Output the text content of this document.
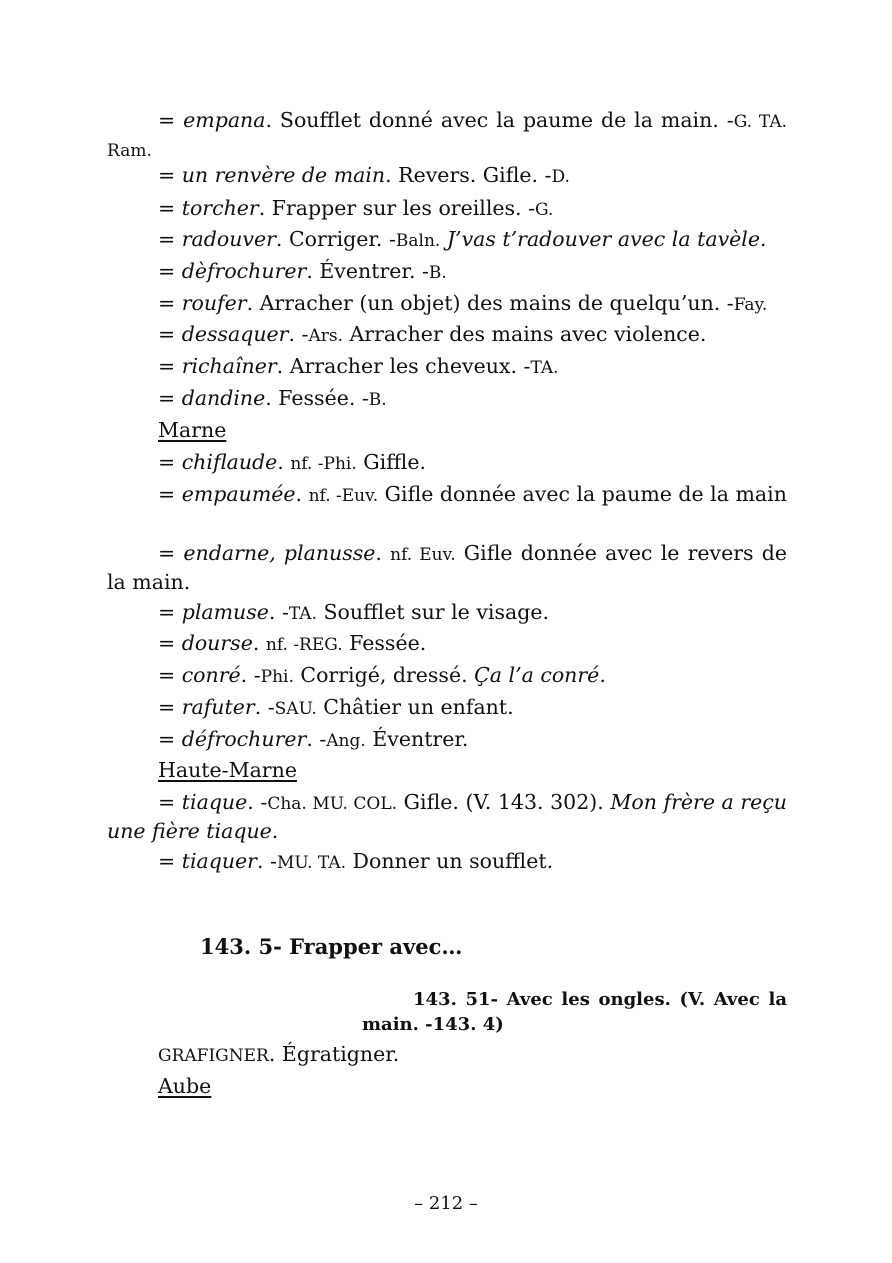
= empana. Soufflet donné avec la paume de la main. -G. TA. Ram.
= un renvère de main. Revers. Gifle. -D.
= torcher. Frapper sur les oreilles. -G.
= radouver. Corriger. -Baln. J’vas t’radouver avec la tavèle.
= dèfrochurer. Éventrer. -B.
= roufer. Arracher (un objet) des mains de quelqu’un. -Fay.
= dessaquer. -Ars. Arracher des mains avec violence.
= richaîner. Arracher les cheveux. -TA.
= dandine. Fessée. -B.
Marne
= chiflaude. nf. -Phi. Giffle.
= empaumée. nf. -Euv. Gifle donnée avec la paume de la main
= endarne, planusse. nf. Euv. Gifle donnée avec le revers de la main.
= plamuse. -TA. Soufflet sur le visage.
= dourse. nf. -REG. Fessée.
= conré. -Phi. Corrigé, dressé. Ça l’a conré.
= rafuter. -SAU. Châtier un enfant.
= défrochurer. -Ang. Éventrer.
Haute-Marne
= tiaque. -Cha. MU. COL. Gifle. (V. 143. 302). Mon frère a reçu une fière tiaque.
= tiaquer. -MU. TA. Donner un soufflet.
143. 5- Frapper avec…
143. 51- Avec les ongles. (V. Avec la main. -143. 4)
GRAFIGNER. Égratigner.
Aube
– 212 –
